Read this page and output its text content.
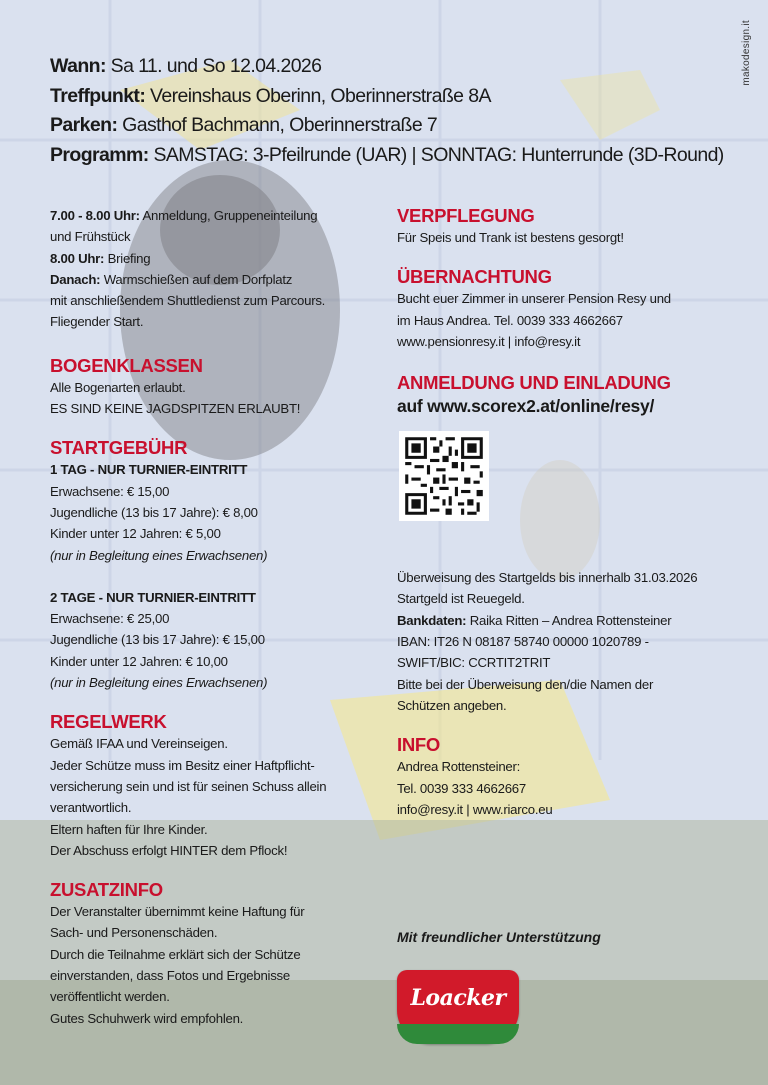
makodesign.it
Wann: Sa 11. und So 12.04.2026
Treffpunkt: Vereinshaus Oberinn, Oberinnerstraße 8A
Parken: Gasthof Bachmann, Oberinnerstraße 7
Programm: SAMSTAG: 3-Pfeilrunde (UAR) | SONNTAG: Hunterrunde (3D-Round)
7.00 - 8.00 Uhr: Anmeldung, Gruppeneinteilung
und Frühstück
8.00 Uhr: Briefing
Danach: Warmschießen auf dem Dorfplatz
mit anschließendem Shuttledienst zum Parcours.
Fliegender Start.
BOGENKLASSEN
Alle Bogenarten erlaubt.
ES SIND KEINE JAGDSPITZEN ERLAUBT!
STARTGEBÜHR
1 TAG - NUR TURNIER-EINTRITT
Erwachsene: € 15,00
Jugendliche (13 bis 17 Jahre): € 8,00
Kinder unter 12 Jahren: € 5,00
(nur in Begleitung eines Erwachsenen)
2 TAGE - NUR TURNIER-EINTRITT
Erwachsene: € 25,00
Jugendliche (13 bis 17 Jahre): € 15,00
Kinder unter 12 Jahren: € 10,00
(nur in Begleitung eines Erwachsenen)
REGELWERK
Gemäß IFAA und Vereinseigen.
Jeder Schütze muss im Besitz einer Haftpflicht-
versicherung sein und ist für seinen Schuss allein
verantwortlich.
Eltern haften für Ihre Kinder.
Der Abschuss erfolgt HINTER dem Pflock!
ZUSATZINFO
Der Veranstalter übernimmt keine Haftung für
Sach- und Personenschäden.
Durch die Teilnahme erklärt sich der Schütze
einverstanden, dass Fotos und Ergebnisse
veröffentlicht werden.
Gutes Schuhwerk wird empfohlen.
VERPFLEGUNG
Für Speis und Trank ist bestens gesorgt!
ÜBERNACHTUNG
Bucht euer Zimmer in unserer Pension Resy und
im Haus Andrea. Tel. 0039 333 4662667
www.pensionresy.it | info@resy.it
ANMELDUNG UND EINLADUNG
auf www.scorex2.at/online/resy/
Überweisung des Startgelds bis innerhalb 31.03.2026
Startgeld ist Reuegeld.
Bankdaten: Raika Ritten – Andrea Rottensteiner
IBAN: IT26 N 08187 58740 00000 1020789 -
SWIFT/BIC: CCRTIT2TRIT
Bitte bei der Überweisung den/die Namen der
Schützen angeben.
INFO
Andrea Rottensteiner:
Tel. 0039 333 4662667
info@resy.it | www.riarco.eu
Mit freundlicher Unterstützung
Loacker
